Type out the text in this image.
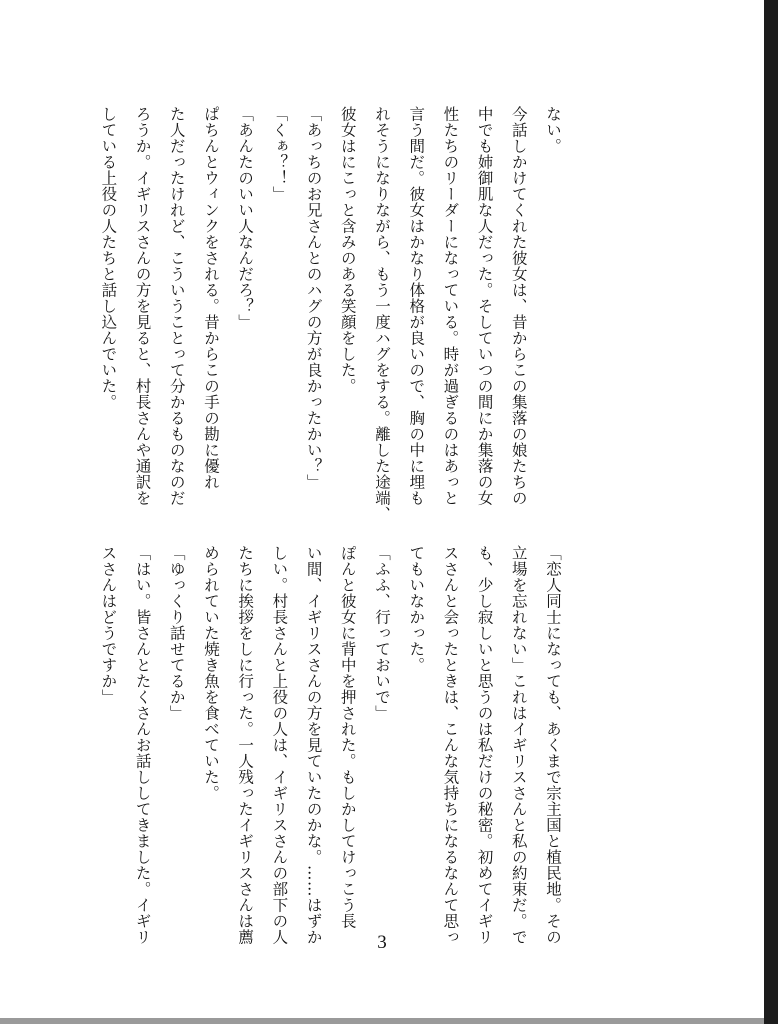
ない。
今話しかけてくれた彼女は、昔からこの集落の娘たちの
中でも姉御肌な人だった。そしていつの間にか集落の女
性たちのリーダーになっている。時が過ぎるのはあっと
言う間だ。彼女はかなり体格が良いので、胸の中に埋も
れそうになりながら、もう一度ハグをする。離した途端、
彼女はにこっと含みのある笑顔をした。
「あっちのお兄さんとのハグの方が良かったかい？」
「くぁ？！」
「あんたのいい人なんだろ？」
ぱちんとウィンクをされる。昔からこの手の勘に優れ
た人だったけれど、こういうことって分かるものなのだ
ろうか。イギリスさんの方を見ると、村長さんや通訳を
している上役の人たちと話し込んでいた。
「恋人同士になっても、あくまで宗主国と植民地。その
立場を忘れない」これはイギリスさんと私の約束だ。で
も、少し寂しいと思うのは私だけの秘密。初めてイギリ
スさんと会ったときは、こんな気持ちになるなんて思っ
てもいなかった。
「ふふ、行っておいで」
ぽんと彼女に背中を押された。もしかしてけっこう長
い間、イギリスさんの方を見ていたのかな。……はずか
しい。村長さんと上役の人は、イギリスさんの部下の人
たちに挨拶をしに行った。一人残ったイギリスさんは薦
められていた焼き魚を食べていた。
「ゆっくり話せてるか」
「はい。皆さんとたくさんお話ししてきました。イギリ
スさんはどうですか」
3
